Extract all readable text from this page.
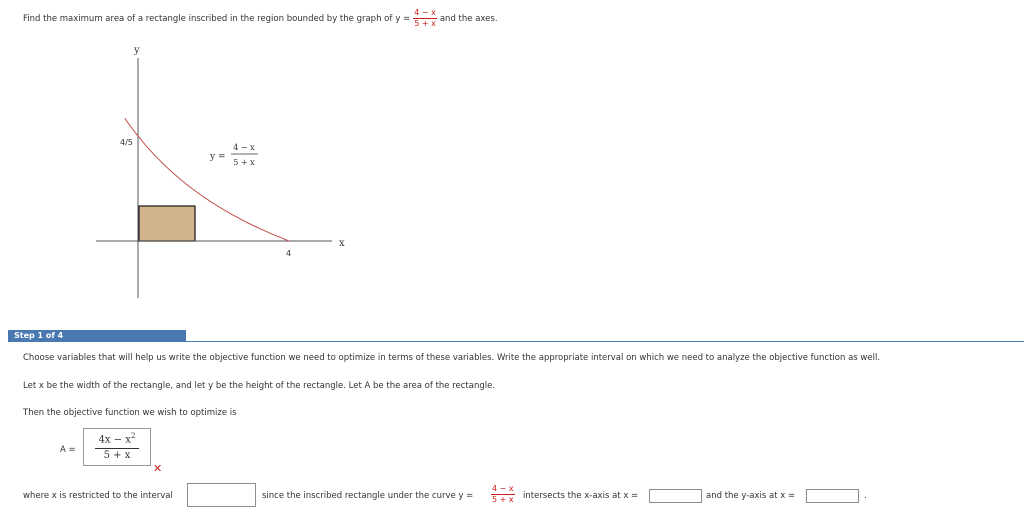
Find the maximum area of a rectangle inscribed in the region bounded by the graph of $y = \frac{4 - x}{5 + x}$ and the axes.
y
x
4/5
4
y =
4 − x
5 + x
Step 1 of 4
Choose variables that will help us write the objective function we need to optimize in terms of these variables. Write the appropriate interval on which we need to analyze the objective function as well.
Let x be the width of the rectangle, and let y be the height of the rectangle. Let A be the area of the rectangle.
Then the objective function we wish to optimize is
$A = \frac{4x - x^2}{5 + x}$
✕
where x is restricted to the interval	since the inscribed rectangle under the curve $y = \frac{4 - x}{5 + x}$ intersects the x-axis at x =	and the y-axis at x =	.
